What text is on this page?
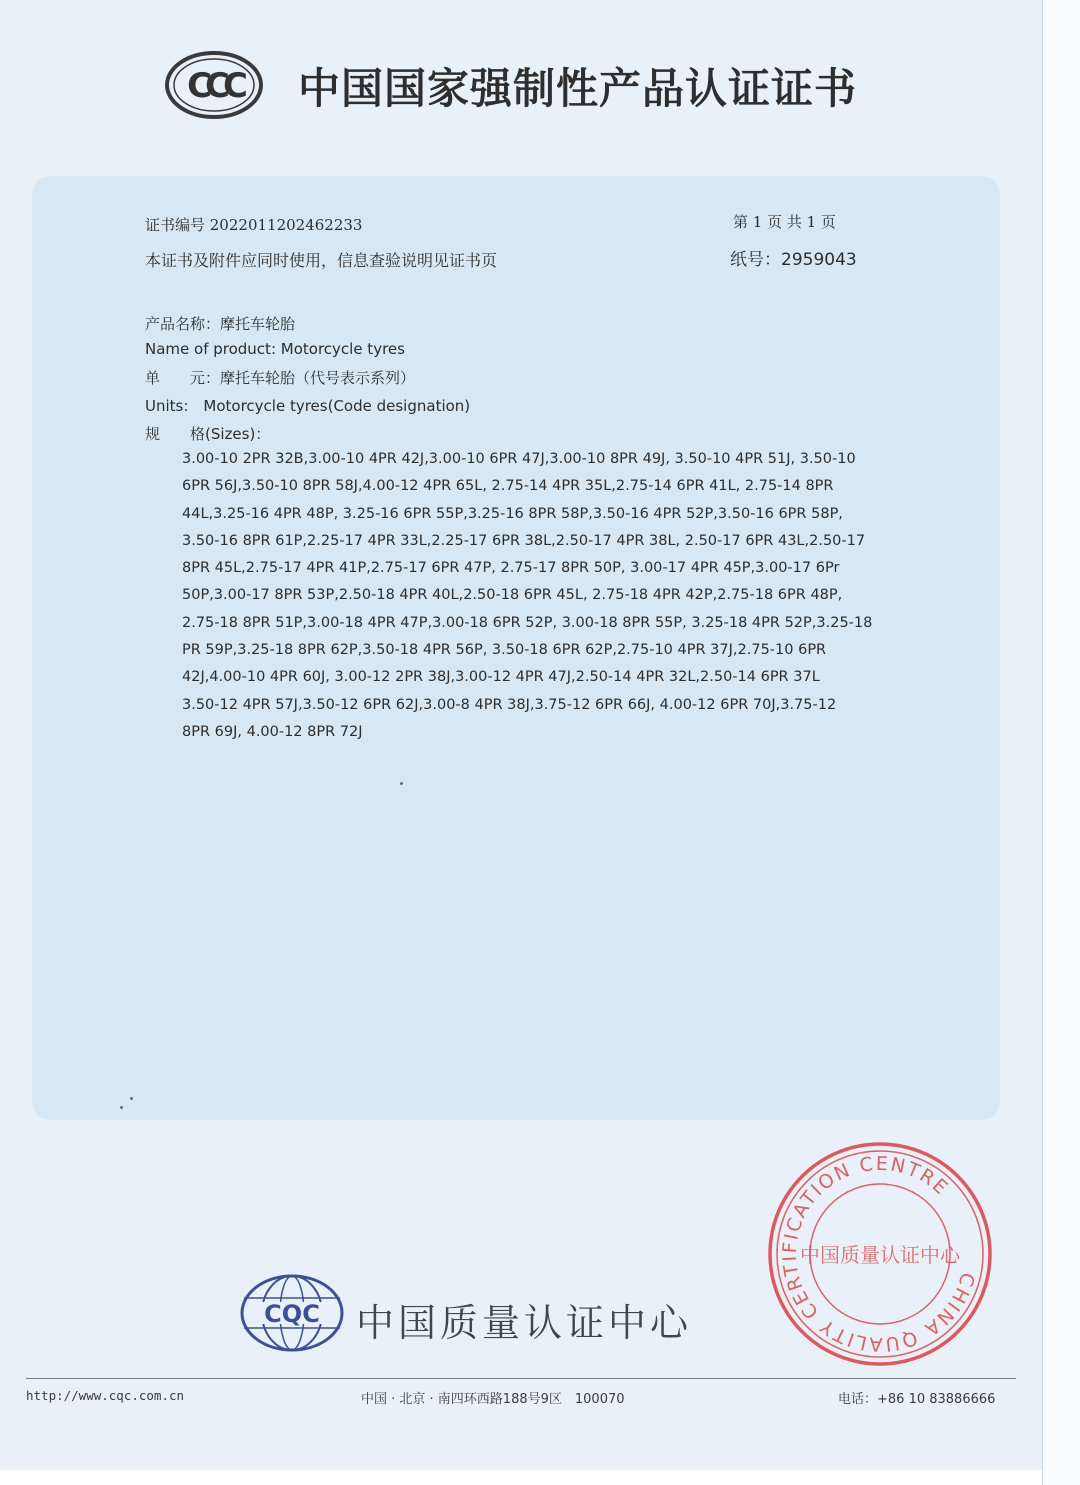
CCC 中国国家强制性产品认证证书
证书编号 2022011202462233	第 1 页 共 1 页
本证书及附件应同时使用，信息查验说明见证书页	纸号：2959043
产品名称：摩托车轮胎
Name of product: Motorcycle tyres
单　　元：摩托车轮胎（代号表示系列）
Units:　Motorcycle tyres(Code designation)
规　　格(Sizes)：
3.00-10 2PR 32B,3.00-10 4PR 42J,3.00-10 6PR 47J,3.00-10 8PR 49J, 3.50-10 4PR 51J, 3.50-10
6PR 56J,3.50-10 8PR 58J,4.00-12 4PR 65L, 2.75-14 4PR 35L,2.75-14 6PR 41L, 2.75-14 8PR
44L,3.25-16 4PR 48P, 3.25-16 6PR 55P,3.25-16 8PR 58P,3.50-16 4PR 52P,3.50-16 6PR 58P,
3.50-16 8PR 61P,2.25-17 4PR 33L,2.25-17 6PR 38L,2.50-17 4PR 38L, 2.50-17 6PR 43L,2.50-17
8PR 45L,2.75-17 4PR 41P,2.75-17 6PR 47P, 2.75-17 8PR 50P, 3.00-17 4PR 45P,3.00-17 6Pr
50P,3.00-17 8PR 53P,2.50-18 4PR 40L,2.50-18 6PR 45L, 2.75-18 4PR 42P,2.75-18 6PR 48P,
2.75-18 8PR 51P,3.00-18 4PR 47P,3.00-18 6PR 52P, 3.00-18 8PR 55P, 3.25-18 4PR 52P,3.25-18
PR 59P,3.25-18 8PR 62P,3.50-18 4PR 56P, 3.50-18 6PR 62P,2.75-10 4PR 37J,2.75-10 6PR
42J,4.00-10 4PR 60J, 3.00-12 2PR 38J,3.00-12 4PR 47J,2.50-14 4PR 32L,2.50-14 6PR 37L
3.50-12 4PR 57J,3.50-12 6PR 62J,3.00-8 4PR 38J,3.75-12 6PR 66J, 4.00-12 6PR 70J,3.75-12
8PR 69J, 4.00-12 8PR 72J
CQC 中国质量认证中心
http://www.cqc.com.cn	中国 · 北京 · 南四环西路188号9区　100070	电话：+86 10 83886666
CHINA QUALITY CERTIFICATION CENTRE
中国质量认证中心
